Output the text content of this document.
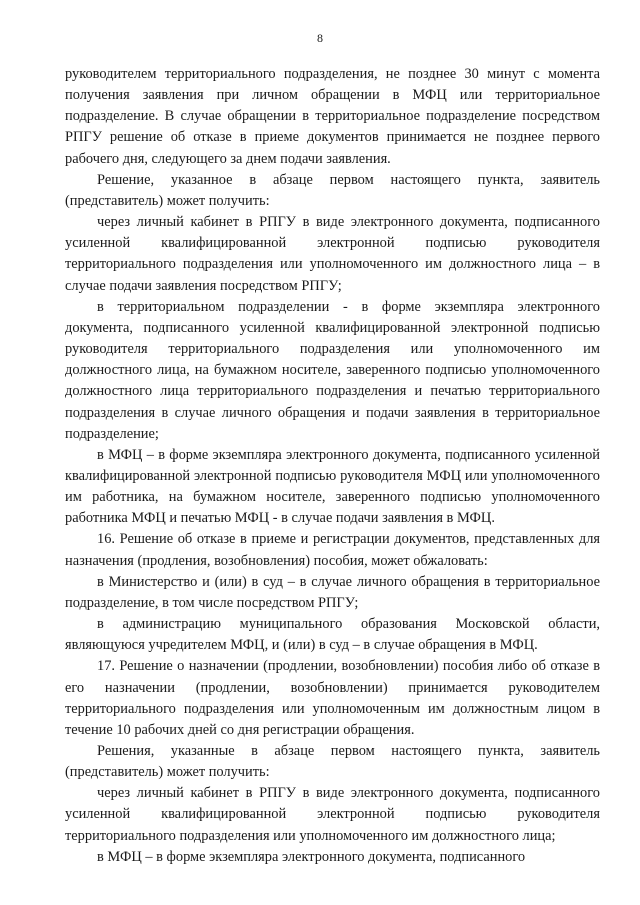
8

руководителем территориального подразделения, не позднее 30 минут с момента получения заявления при личном обращении в МФЦ или территориальное подразделение. В случае обращении в территориальное подразделение посредством РПГУ решение об отказе в приеме документов принимается не позднее первого рабочего дня, следующего за днем подачи заявления.

Решение, указанное в абзаце первом настоящего пункта, заявитель (представитель) может получить:

через личный кабинет в РПГУ в виде электронного документа, подписанного усиленной квалифицированной электронной подписью руководителя территориального подразделения или уполномоченного им должностного лица – в случае подачи заявления посредством РПГУ;

в территориальном подразделении - в форме экземпляра электронного документа, подписанного усиленной квалифицированной электронной подписью руководителя территориального подразделения или уполномоченного им должностного лица, на бумажном носителе, заверенного подписью уполномоченного должностного лица территориального подразделения и печатью территориального подразделения в случае личного обращения и подачи заявления в территориальное подразделение;

в МФЦ – в форме экземпляра электронного документа, подписанного усиленной квалифицированной электронной подписью руководителя МФЦ или уполномоченного им работника, на бумажном носителе, заверенного подписью уполномоченного работника МФЦ и печатью МФЦ - в случае подачи заявления в МФЦ.

16. Решение об отказе в приеме и регистрации документов, представленных для назначения (продления, возобновления) пособия, может обжаловать:

в Министерство и (или) в суд – в случае личного обращения в территориальное подразделение, в том числе посредством РПГУ;

в администрацию муниципального образования Московской области, являющуюся учредителем МФЦ, и (или) в суд – в случае обращения в МФЦ.

17. Решение о назначении (продлении, возобновлении) пособия либо об отказе в его назначении (продлении, возобновлении) принимается руководителем территориального подразделения или уполномоченным им должностным лицом в течение 10 рабочих дней со дня регистрации обращения.

Решения, указанные в абзаце первом настоящего пункта, заявитель (представитель) может получить:

через личный кабинет в РПГУ в виде электронного документа, подписанного усиленной квалифицированной электронной подписью руководителя территориального подразделения или уполномоченного им должностного лица;

в МФЦ – в форме экземпляра электронного документа, подписанного
